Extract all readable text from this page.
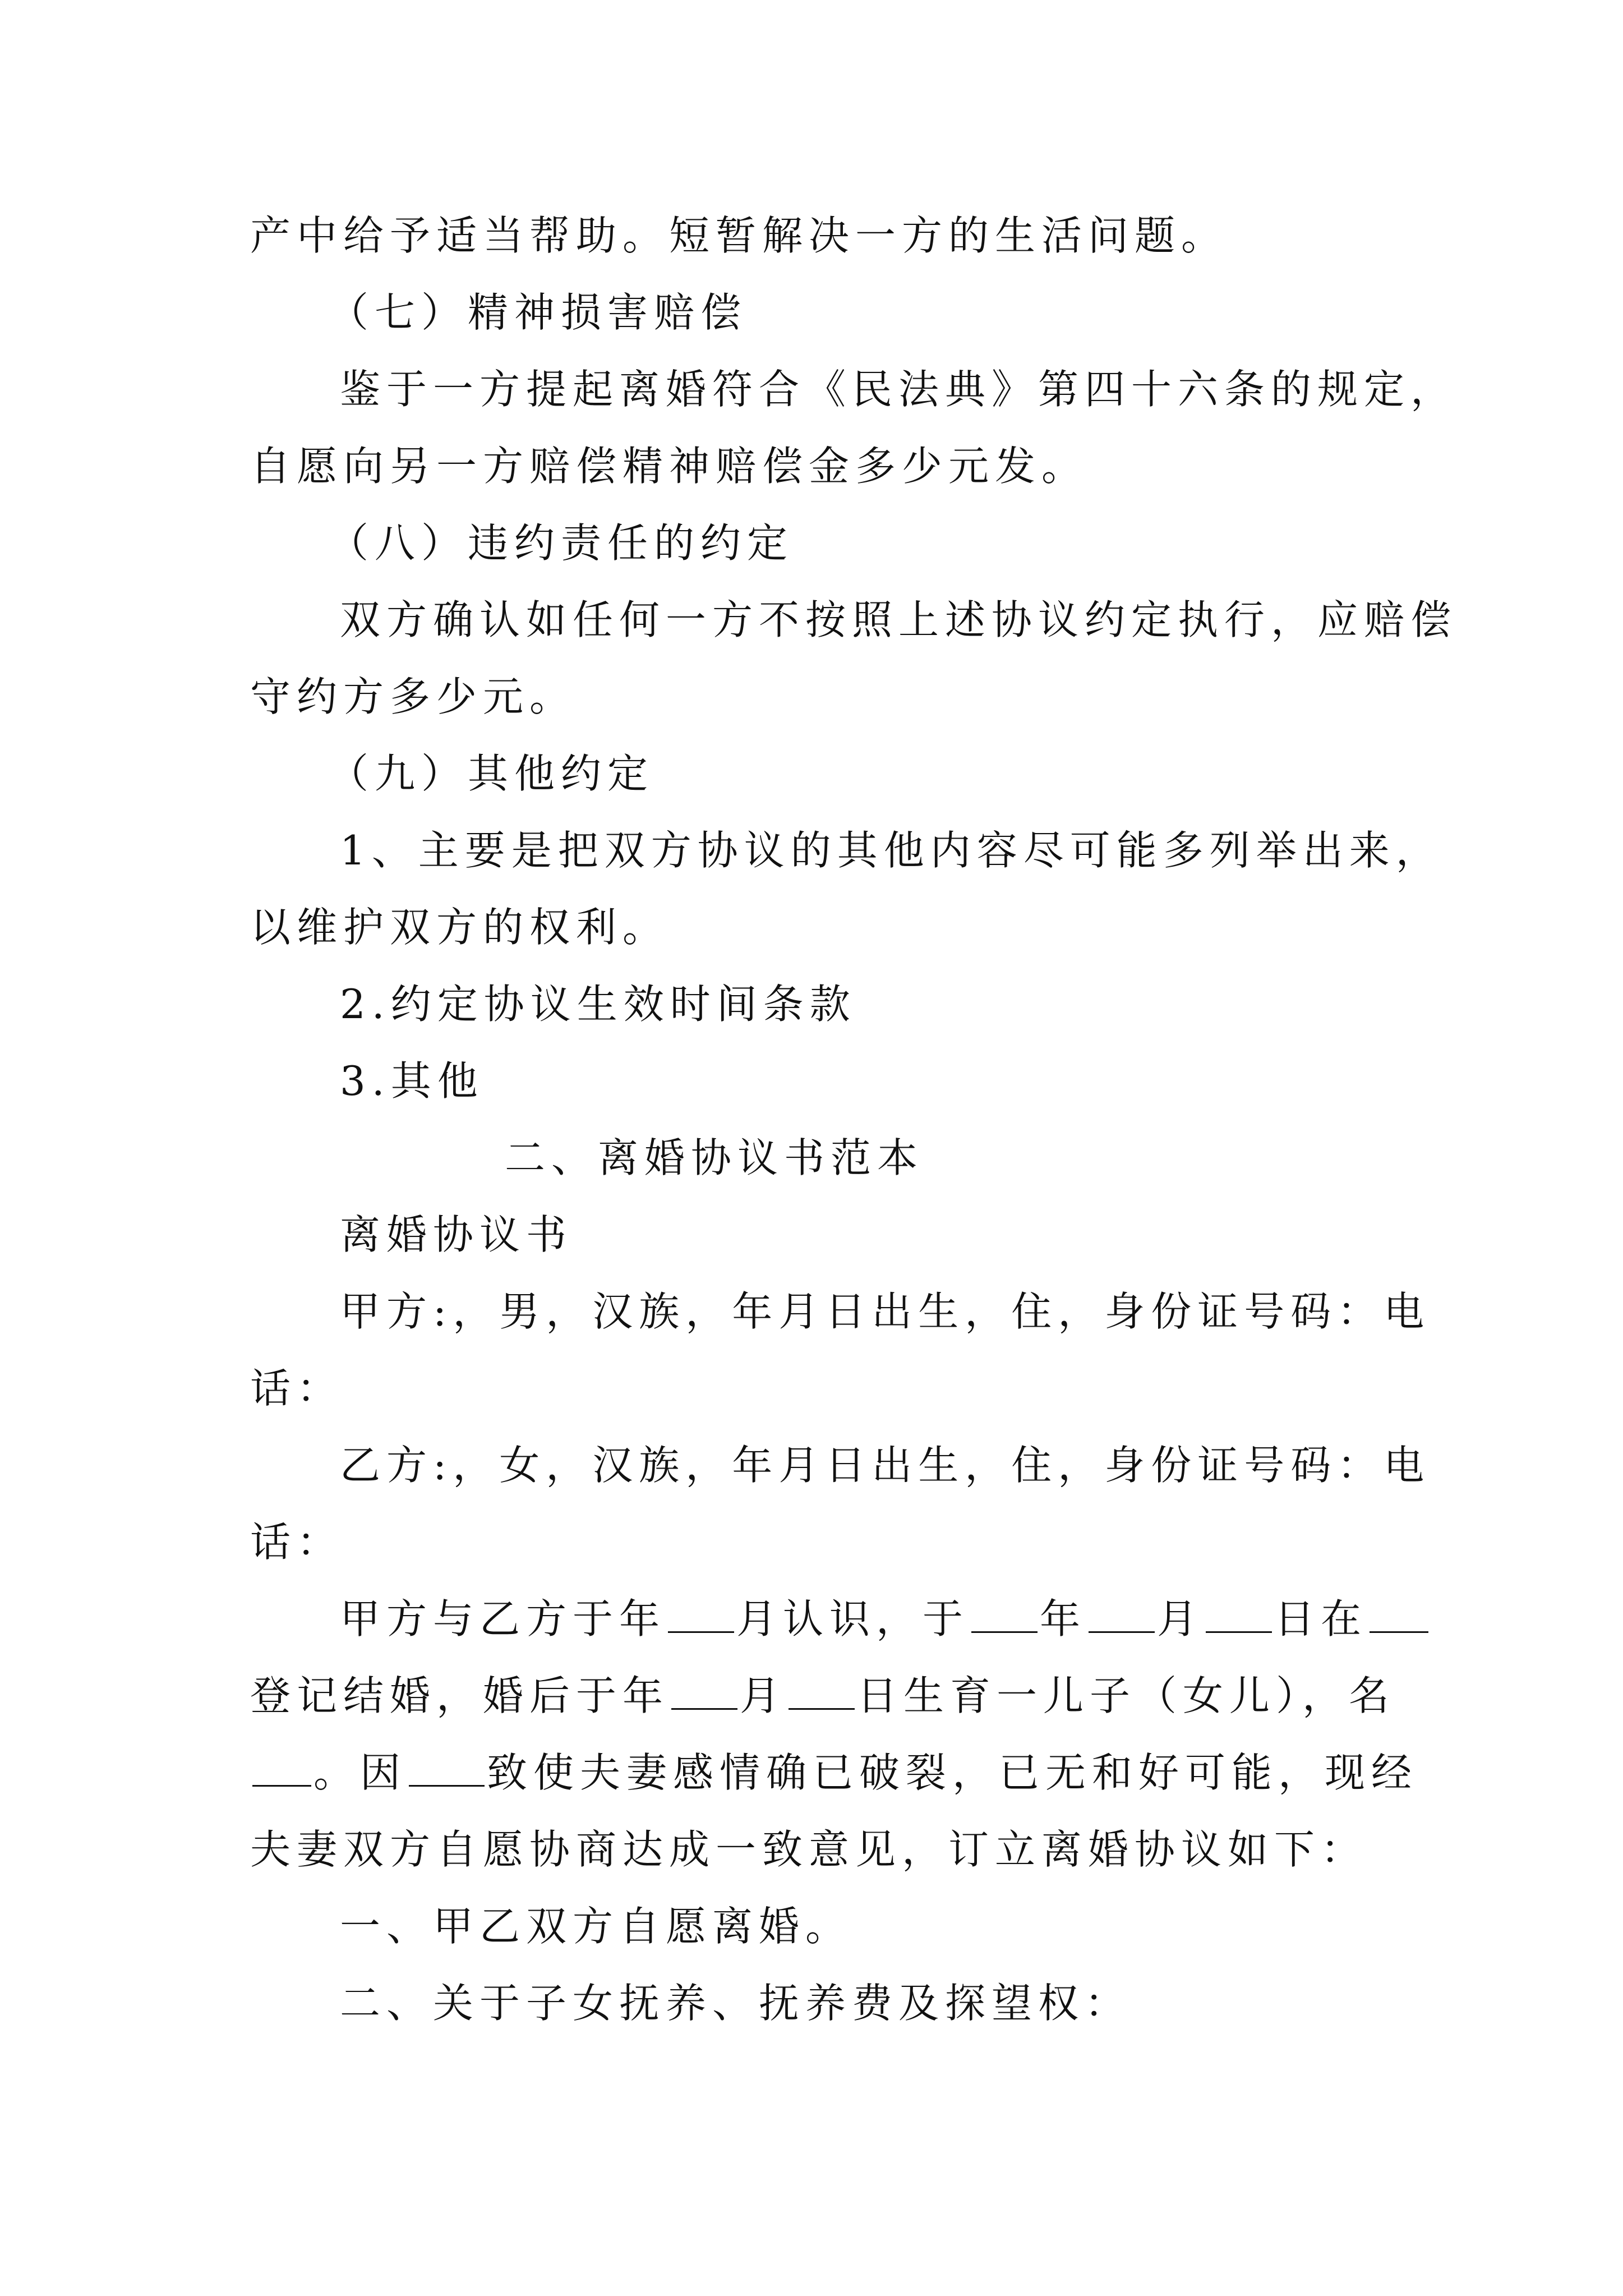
产中给予适当帮助。短暂解决一方的生活问题。

（七）精神损害赔偿

鉴于一方提起离婚符合《民法典》第四十六条的规定，

自愿向另一方赔偿精神赔偿金多少元发。

（八）违约责任的约定

双方确认如任何一方不按照上述协议约定执行，应赔偿

守约方多少元。

（九）其他约定

1、主要是把双方协议的其他内容尽可能多列举出来，

以维护双方的权利。

2.约定协议生效时间条款

3.其他

二、离婚协议书范本

离婚协议书

甲方:，男，汉族，年月日出生，住，身份证号码：电

话：

乙方:，女，汉族，年月日出生，住，身份证号码：电

话：

甲方与乙方于年 月认识，于 年 月 日在

登记结婚，婚后于年 月 日生育一儿子（女儿），名

。因 致使夫妻感情确已破裂，已无和好可能，现经

夫妻双方自愿协商达成一致意见，订立离婚协议如下：

一、甲乙双方自愿离婚。

二、关于子女抚养、抚养费及探望权：
